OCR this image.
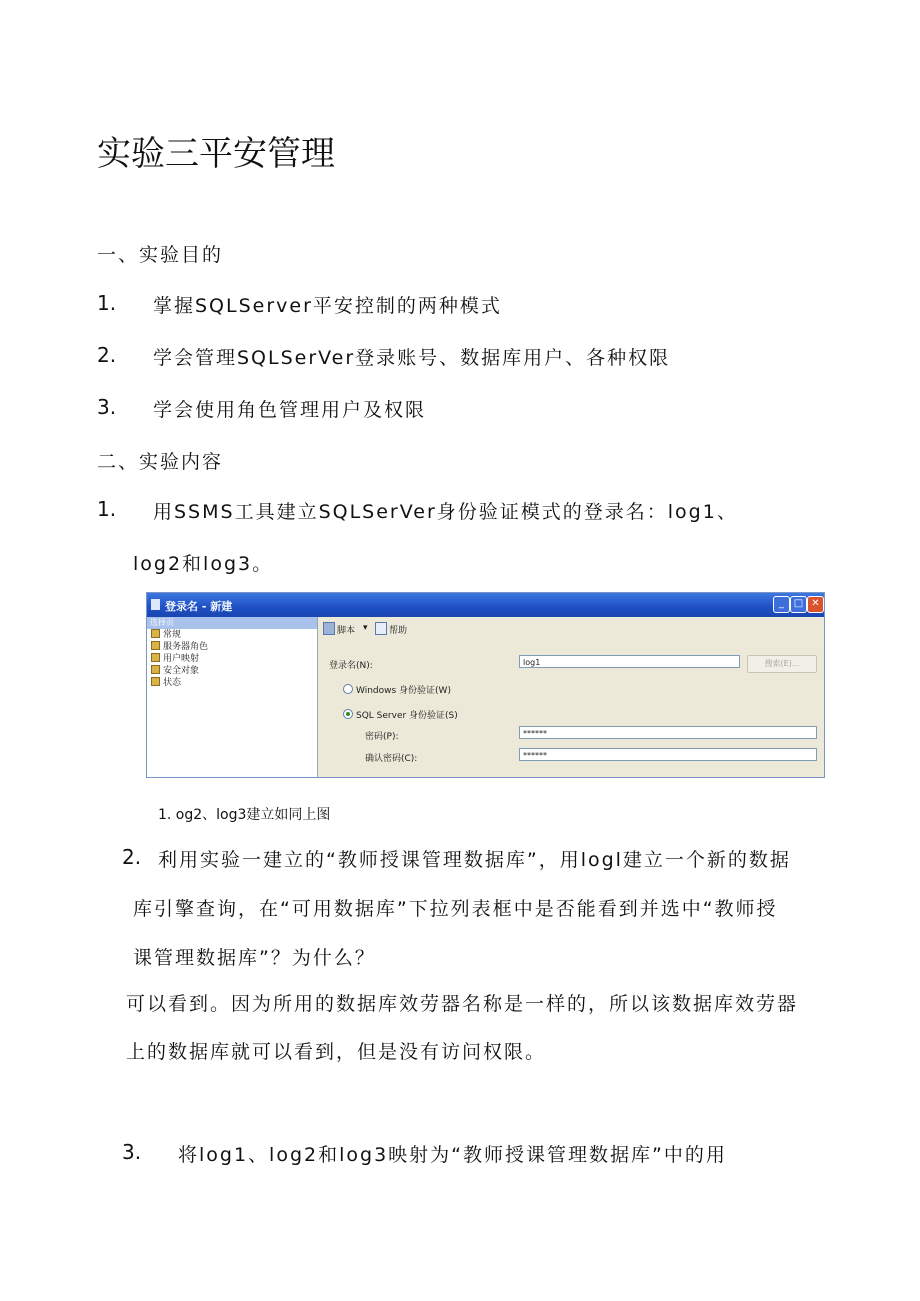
实验三平安管理
一、实验目的
1. 掌握SQLServer平安控制的两种模式
2. 学会管理SQLSerVer登录账号、数据库用户、各种权限
3. 学会使用角色管理用户及权限
二、实验内容
1. 用SSMS工具建立SQLSerVer身份验证模式的登录名：log1、
log2和log3。
登录名 - 新建	_ □ ✕
选择页
常规
服务器角色
用户映射
安全对象
状态
脚本 ▾ 帮助
登录名(N):	log1	搜索(E)...
Windows 身份验证(W)
SQL Server 身份验证(S)
密码(P):	******
确认密码(C):	******
1. og2、log3建立如同上图
2. 利用实验一建立的“教师授课管理数据库”，用logl建立一个新的数据
库引擎查询，在“可用数据库”下拉列表框中是否能看到并选中“教师授
课管理数据库”？为什么？
可以看到。因为所用的数据库效劳器名称是一样的，所以该数据库效劳器
上的数据库就可以看到，但是没有访问权限。
3. 将log1、log2和log3映射为“教师授课管理数据库”中的用
